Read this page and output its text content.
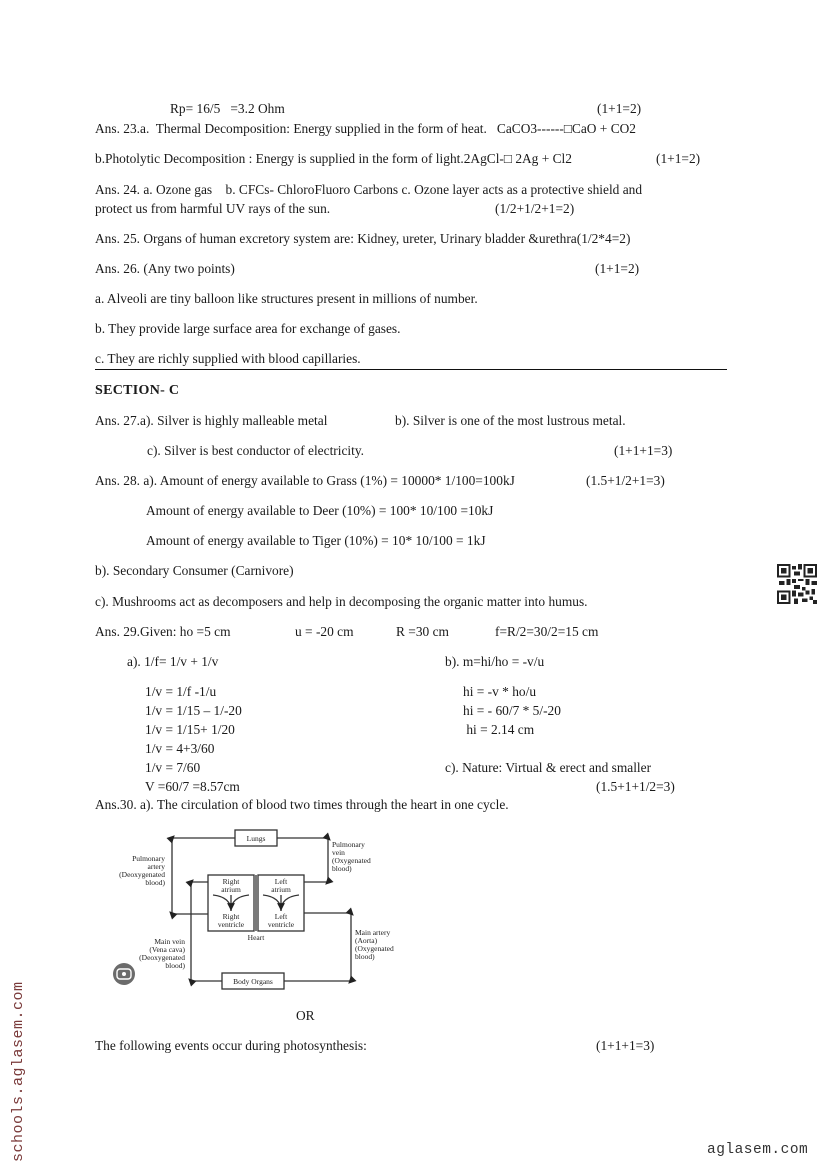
Rp= 16/5   =3.2 Ohm	(1+1=2)
Ans. 23.a.  Thermal Decomposition: Energy supplied in the form of heat.   CaCO3------□CaO + CO2
b.Photolytic Decomposition : Energy is supplied in the form of light.2AgCl-□ 2Ag + Cl2	(1+1=2)
Ans. 24. a. Ozone gas    b. CFCs- ChloroFluoro Carbons c. Ozone layer acts as a protective shield and
protect us from harmful UV rays of the sun.	(1/2+1/2+1=2)
Ans. 25. Organs of human excretory system are: Kidney, ureter, Urinary bladder &urethra(1/2*4=2)
Ans. 26. (Any two points)	(1+1=2)
a. Alveoli are tiny balloon like structures present in millions of number.
b. They provide large surface area for exchange of gases.
c. They are richly supplied with blood capillaries.
SECTION- C
Ans. 27.a). Silver is highly malleable metal	b). Silver is one of the most lustrous metal.
c). Silver is best conductor of electricity.	(1+1+1=3)
Ans. 28. a). Amount of energy available to Grass (1%) = 10000* 1/100=100kJ	(1.5+1/2+1=3)
Amount of energy available to Deer (10%) = 100* 10/100 =10kJ
Amount of energy available to Tiger (10%) = 10* 10/100 = 1kJ
b). Secondary Consumer (Carnivore)
c). Mushrooms act as decomposers and help in decomposing the organic matter into humus.
Ans. 29.Given: ho =5 cm	u = -20 cm	R =30 cm	f=R/2=30/2=15 cm
a). 1/f= 1/v + 1/v	b). m=hi/ho = -v/u
1/v = 1/f -1/u
1/v = 1/15 – 1/-20
1/v = 1/15+ 1/20
1/v = 4+3/60
1/v = 7/60
V =60/7 =8.57cm
hi = -v * ho/u
hi = - 60/7 * 5/-20
hi = 2.14 cm
c). Nature: Virtual & erect and smaller
(1.5+1+1/2=3)
Ans.30. a). The circulation of blood two times through the heart in one cycle.
Lungs
Right
atrium
Right
ventricle
Left
atrium
Left
ventricle
Heart
Body Organs
Pulmonary
artery
(Deoxygenated
blood)
Main vein
(Vena cava)
(Deoxygenated
blood)
Pulmonary
vein
(Oxygenated
blood)
Main artery
(Aorta)
(Oxygenated
blood)
OR
The following events occur during photosynthesis:	(1+1+1=3)
schools.aglasem.com	aglasem.com
